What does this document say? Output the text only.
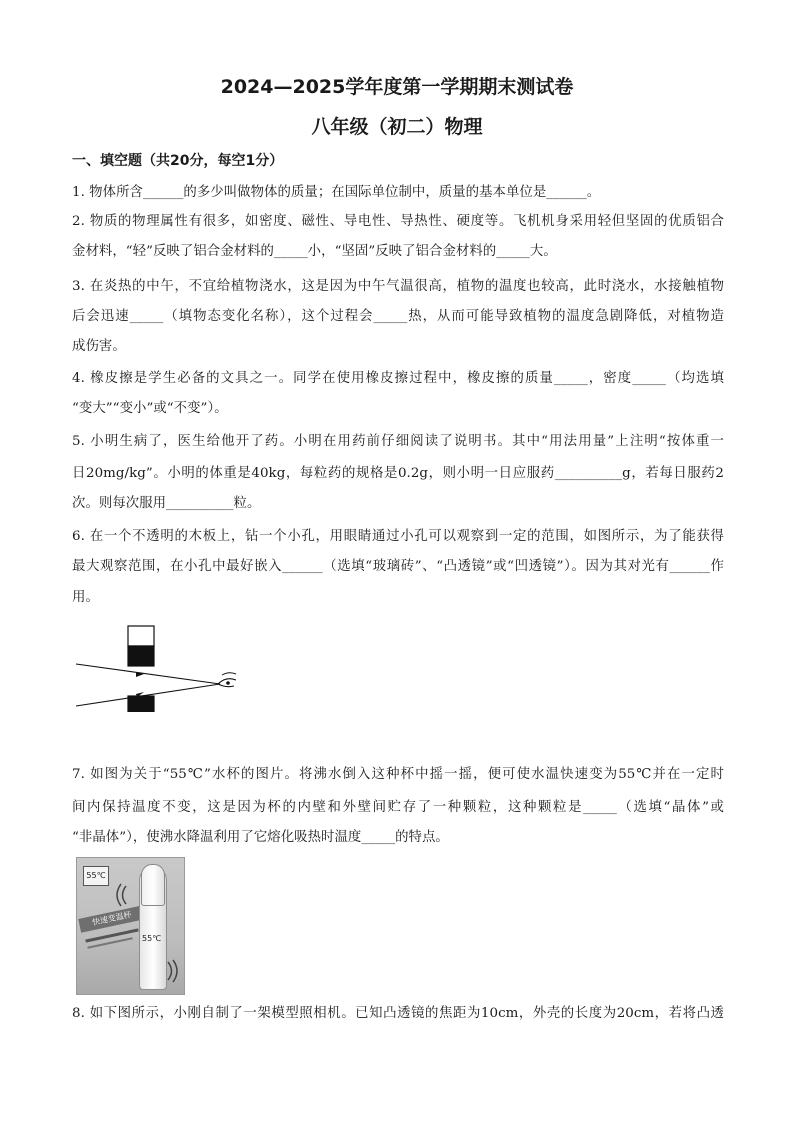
2024—2025学年度第一学期期末测试卷
八年级（初二）物理
一、填空题（共20分，每空1分）
1. 物体所含______的多少叫做物体的质量；在国际单位制中，质量的基本单位是______。
2. 物质的物理属性有很多，如密度、磁性、导电性、导热性、硬度等。飞机机身采用轻但坚固的优质铝合
金材料，“轻”反映了铝合金材料的_____小，“坚固”反映了铝合金材料的_____大。
3. 在炎热的中午，不宜给植物浇水，这是因为中午气温很高，植物的温度也较高，此时浇水，水接触植物
后会迅速_____（填物态变化名称），这个过程会_____热，从而可能导致植物的温度急剧降低，对植物造
成伤害。
4. 橡皮擦是学生必备的文具之一。同学在使用橡皮擦过程中，橡皮擦的质量_____，密度_____（均选填
“变大”“变小”或“不变”）。
5. 小明生病了，医生给他开了药。小明在用药前仔细阅读了说明书。其中“用法用量”上注明“按体重一
日20mg/kg”。小明的体重是40kg，每粒药的规格是0.2g，则小明一日应服药__________g，若每日服药2
次。则每次服用__________粒。
6. 在一个不透明的木板上，钻一个小孔，用眼睛通过小孔可以观察到一定的范围，如图所示，为了能获得
最大观察范围，在小孔中最好嵌入______（选填“玻璃砖”、“凸透镜”或“凹透镜”）。因为其对光有______作
用。
7. 如图为关于“55℃”水杯的图片。将沸水倒入这种杯中摇一摇，便可使水温快速变为55℃并在一定时
间内保持温度不变，这是因为杯的内壁和外壁间贮存了一种颗粒，这种颗粒是_____（选填“晶体”或
“非晶体”），使沸水降温利用了它熔化吸热时温度_____的特点。
55℃
快速变温杯
55℃
8. 如下图所示，小刚自制了一架模型照相机。已知凸透镜的焦距为10cm，外壳的长度为20cm，若将凸透
